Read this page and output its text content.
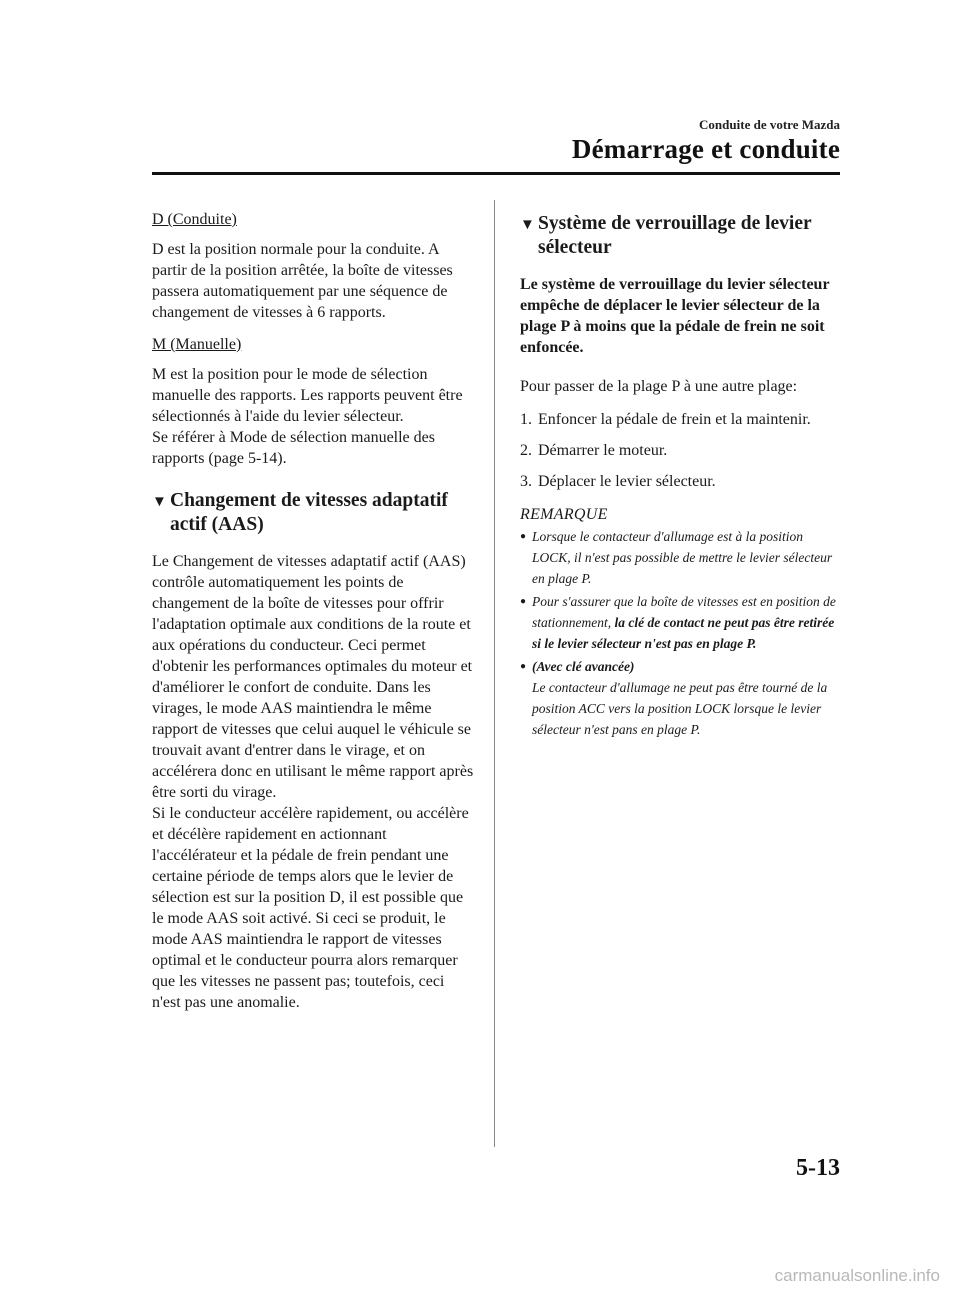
Conduite de votre Mazda
Démarrage et conduite

D (Conduite)

D est la position normale pour la conduite. A partir de la position arrêtée, la boîte de vitesses passera automatiquement par une séquence de changement de vitesses à 6 rapports.

M (Manuelle)

M est la position pour le mode de sélection manuelle des rapports. Les rapports peuvent être sélectionnés à l'aide du levier sélecteur.

Se référer à Mode de sélection manuelle des rapports (page 5-14).

▼ Changement de vitesses adaptatif actif (AAS)

Le Changement de vitesses adaptatif actif (AAS) contrôle automatiquement les points de changement de la boîte de vitesses pour offrir l'adaptation optimale aux conditions de la route et aux opérations du conducteur. Ceci permet d'obtenir les performances optimales du moteur et d'améliorer le confort de conduite. Dans les virages, le mode AAS maintiendra le même rapport de vitesses que celui auquel le véhicule se trouvait avant d'entrer dans le virage, et on accélérera donc en utilisant le même rapport après être sorti du virage.

Si le conducteur accélère rapidement, ou accélère et décélère rapidement en actionnant l'accélérateur et la pédale de frein pendant une certaine période de temps alors que le levier de sélection est sur la position D, il est possible que le mode AAS soit activé. Si ceci se produit, le mode AAS maintiendra le rapport de vitesses optimal et le conducteur pourra alors remarquer que les vitesses ne passent pas; toutefois, ceci n'est pas une anomalie.

▼ Système de verrouillage de levier sélecteur

Le système de verrouillage du levier sélecteur empêche de déplacer le levier sélecteur de la plage P à moins que la pédale de frein ne soit enfoncée.

Pour passer de la plage P à une autre plage:

1. Enfoncer la pédale de frein et la maintenir.
2. Démarrer le moteur.
3. Déplacer le levier sélecteur.
REMARQUE
● Lorsque le contacteur d'allumage est à la position LOCK, il n'est pas possible de mettre le levier sélecteur en plage P.
● Pour s'assurer que la boîte de vitesses est en position de stationnement, la clé de contact ne peut pas être retirée si le levier sélecteur n'est pas en plage P.
● (Avec clé avancée)
Le contacteur d'allumage ne peut pas être tourné de la position ACC vers la position LOCK lorsque le levier sélecteur n'est pans en plage P.
5-13
carmanualsonline.info
